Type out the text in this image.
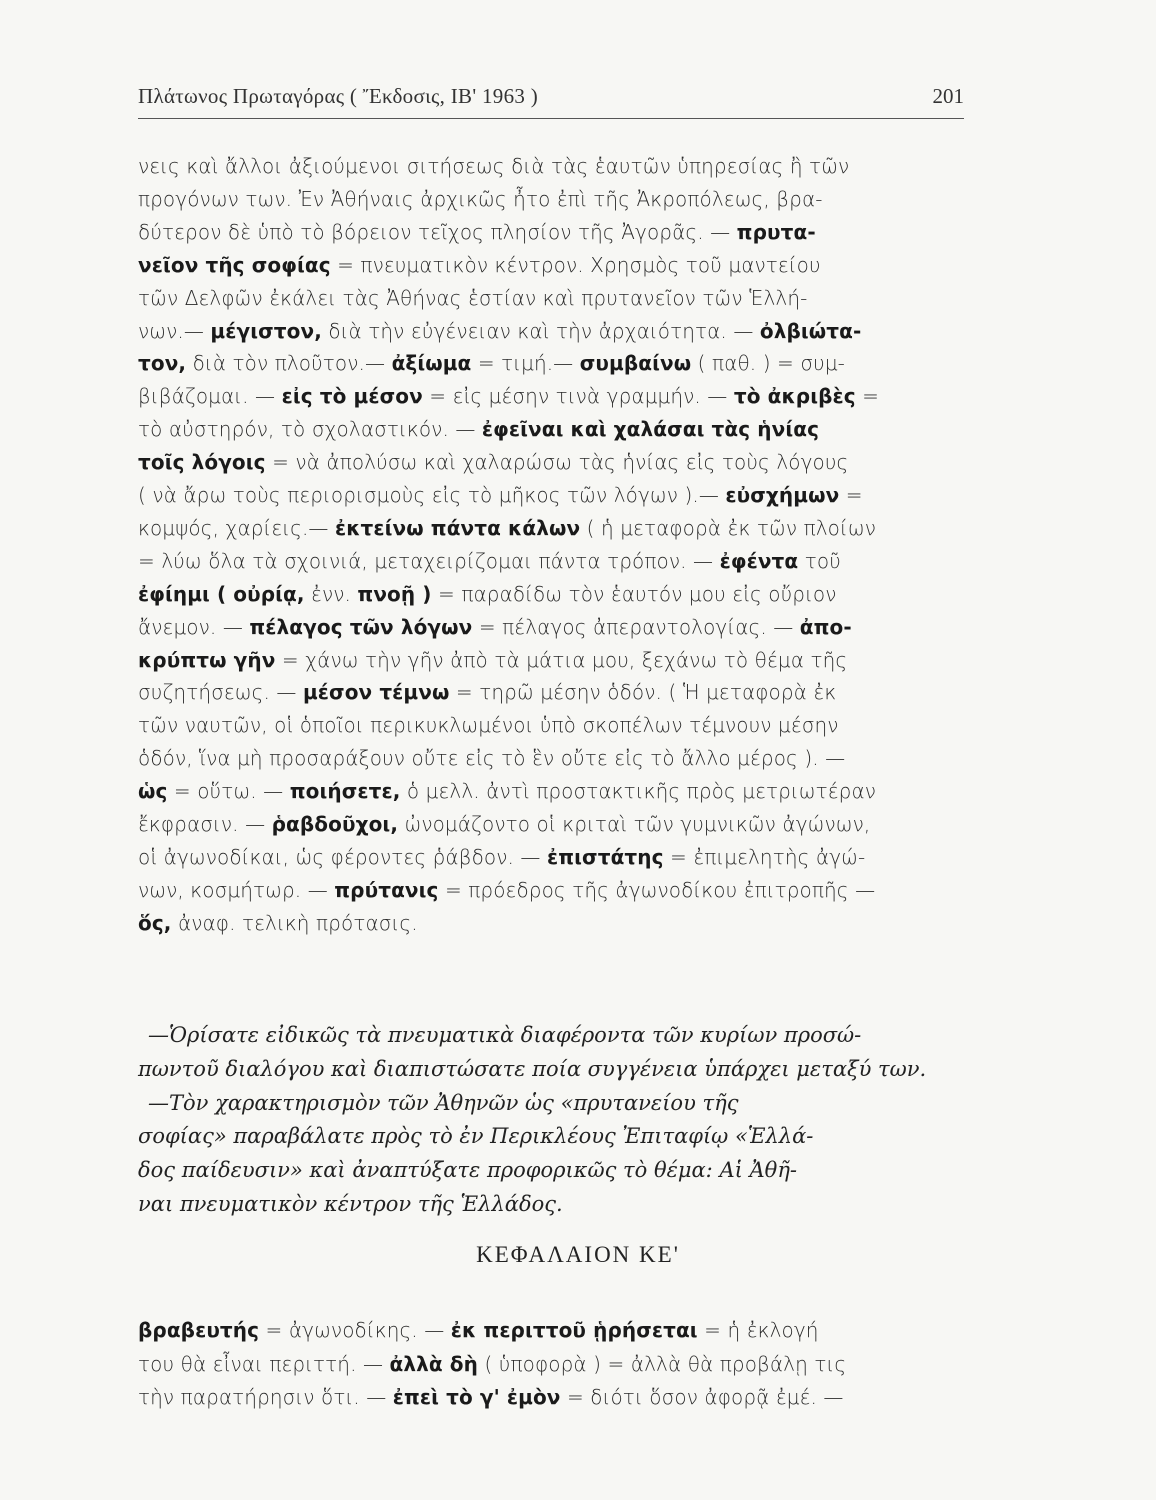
Πλάτωνος Πρωταγόρας ( Ἔκδοσις, ΙΒ' 1963 )	201
νεις καὶ ἄλλοι ἀξιούμενοι σιτήσεως διὰ τὰς ἑαυτῶν ὑπηρεσίας ἢ τῶν
προγόνων των. Ἐν Ἀθήναις ἀρχικῶς ἦτο ἐπὶ τῆς Ἀκροπόλεως, βρα-
δύτερον δὲ ὑπὸ τὸ βόρειον τεῖχος πλησίον τῆς Ἀγορᾶς. — πρυτα-
νεῖον τῆς σοφίας = πνευματικὸν κέντρον. Χρησμὸς τοῦ μαντείου
τῶν Δελφῶν ἐκάλει τὰς Ἀθήνας ἑστίαν καὶ πρυτανεῖον τῶν Ἑλλή-
νων.— μέγιστον, διὰ τὴν εὐγένειαν καὶ τὴν ἀρχαιότητα. — ὀλβιώτα-
τον, διὰ τὸν πλοῦτον.— ἀξίωμα = τιμή.— συμβαίνω ( παθ. ) = συμ-
βιβάζομαι. — εἰς τὸ μέσον = εἰς μέσην τινὰ γραμμήν. — τὸ ἀκριβὲς =
τὸ αὐστηρόν, τὸ σχολαστικόν. — ἐφεῖναι καὶ χαλάσαι τὰς ἡνίας
τοῖς λόγοις = νὰ ἀπολύσω καὶ χαλαρώσω τὰς ἡνίας εἰς τοὺς λόγους
( νὰ ἄρω τοὺς περιορισμοὺς εἰς τὸ μῆκος τῶν λόγων ).— εὐσχήμων =
κομψός, χαρίεις.— ἐκτείνω πάντα κάλων ( ἡ μεταφορὰ ἐκ τῶν πλοίων
= λύω ὅλα τὰ σχοινιά, μεταχειρίζομαι πάντα τρόπον. — ἐφέντα τοῦ
ἐφίημι ( οὐρίᾳ, ἐνν. πνοῇ ) = παραδίδω τὸν ἑαυτόν μου εἰς οὔριον
ἄνεμον. — πέλαγος τῶν λόγων = πέλαγος ἀπεραντολογίας. — ἀπο-
κρύπτω γῆν = χάνω τὴν γῆν ἀπὸ τὰ μάτια μου, ξεχάνω τὸ θέμα τῆς
συζητήσεως. — μέσον τέμνω = τηρῶ μέσην ὁδόν. ( Ἡ μεταφορὰ ἐκ
τῶν ναυτῶν, οἱ ὁποῖοι περικυκλωμένοι ὑπὸ σκοπέλων τέμνουν μέσην
ὁδόν, ἵνα μὴ προσαράξουν οὔτε εἰς τὸ ἓν οὔτε εἰς τὸ ἄλλο μέρος ). —
ὡς = οὕτω. — ποιήσετε, ὁ μελλ. ἀντὶ προστακτικῆς πρὸς μετριωτέραν
ἔκφρασιν. — ῥαβδοῦχοι, ὠνομάζοντο οἱ κριταὶ τῶν γυμνικῶν ἀγώνων,
οἱ ἀγωνοδίκαι, ὡς φέροντες ῥάβδον. — ἐπιστάτης = ἐπιμελητὴς ἀγώ-
νων, κοσμήτωρ. — πρύτανις = πρόεδρος τῆς ἀγωνοδίκου ἐπιτροπῆς —
ὅς, ἀναφ. τελικὴ πρότασις.
—Ὁρίσατε εἰδικῶς τὰ πνευματικὰ διαφέροντα τῶν κυρίων προσώ-
πωντοῦ διαλόγου καὶ διαπιστώσατε ποία συγγένεια ὑπάρχει μεταξύ των.
—Τὸν χαρακτηρισμὸν τῶν Ἀθηνῶν ὡς «πρυτανείου τῆς
σοφίας» παραβάλατε πρὸς τὸ ἐν Περικλέους Ἐπιταφίῳ «Ἑλλά-
δος παίδευσιν» καὶ ἀναπτύξατε προφορικῶς τὸ θέμα: Αἱ Ἀθῆ-
ναι πνευματικὸν κέντρον τῆς Ἑλλάδος.
ΚΕΦΑΛΑΙΟΝ ΚΕ'
βραβευτής = ἀγωνοδίκης. — ἐκ περιττοῦ ᾑρήσεται = ἡ ἐκλογή
του θὰ εἶναι περιττή. — ἀλλὰ δὴ ( ὑποφορὰ ) = ἀλλὰ θὰ προβάλῃ τις
τὴν παρατήρησιν ὅτι. — ἐπεὶ τὸ γ' ἐμὸν = διότι ὅσον ἀφορᾷ ἐμέ. —
